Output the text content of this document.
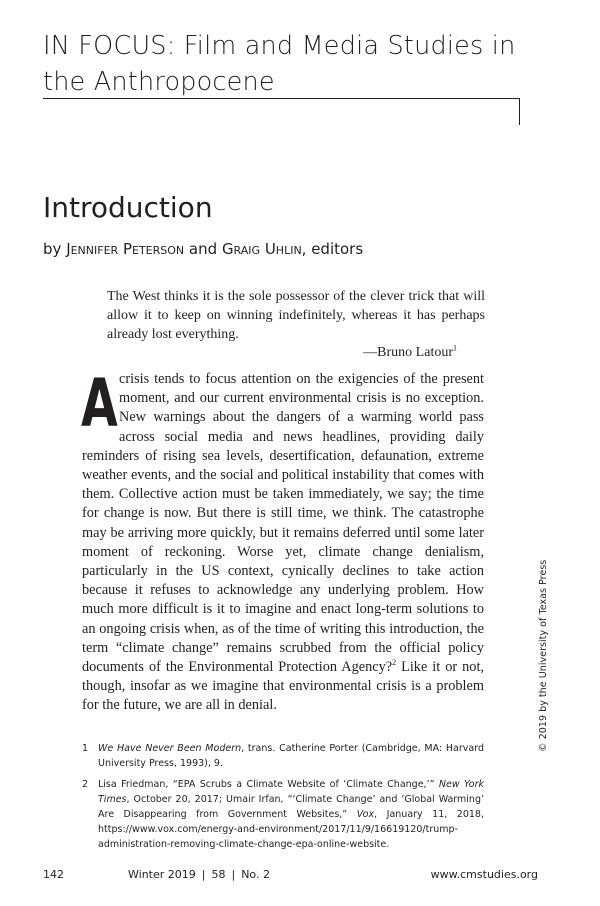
IN FOCUS: Film and Media Studies in the Anthropocene
Introduction
by Jennifer Peterson and Graig Uhlin, editors
The West thinks it is the sole possessor of the clever trick that will allow it to keep on winning indefinitely, whereas it has perhaps already lost everything.
—Bruno Latour$^1$
Acrisis tends to focus attention on the exigencies of the present moment, and our current environmental crisis is no exception. New warnings about the dangers of a warming world pass across social media and news headlines, providing daily reminders of rising sea levels, desertification, defaunation, extreme weather events, and the social and political instability that comes with them. Collective action must be taken immediately, we say; the time for change is now. But there is still time, we think. The catastrophe may be arriving more quickly, but it remains deferred until some later moment of reckoning. Worse yet, climate change denialism, particularly in the US context, cynically declines to take action because it refuses to acknowledge any underlying problem. How much more difficult is it to imagine and enact long-term solutions to an ongoing crisis when, as of the time of writing this introduction, the term “climate change” remains scrubbed from the official policy documents of the Environmental Protection Agency?$^2$ Like it or not, though, insofar as we imagine that environmental crisis is a problem for the future, we are all in denial.
1	We Have Never Been Modern, trans. Catherine Porter (Cambridge, MA: Harvard University Press, 1993), 9.
2	Lisa Friedman, “EPA Scrubs a Climate Website of ‘Climate Change,’” New York Times, October 20, 2017; Umair Irfan, “‘Climate Change’ and ‘Global Warming’ Are Disappearing from Government Websites,” Vox, January 11, 2018, https://www.vox.com/energy-and-environment/2017/11/9/16619120/trump-administration-removing-climate-change-epa-online-website.
© 2019 by the University of Texas Press
142	Winter 2019 | 58 | No. 2	www.cmstudies.org
